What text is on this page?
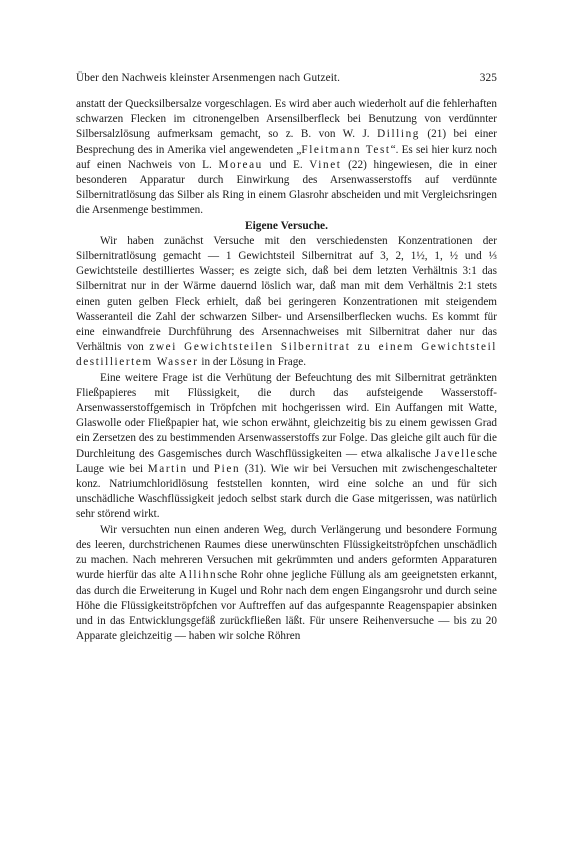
Über den Nachweis kleinster Arsenmengen nach Gutzeit.	325

anstatt der Quecksilbersalze vorgeschlagen. Es wird aber auch wiederholt auf die fehlerhaften schwarzen Flecken im citronengelben Arsensilberfleck bei Benutzung von verdünnter Silbersalzlösung aufmerksam gemacht, so z. B. von W. J. Dilling (21) bei einer Besprechung des in Amerika viel angewendeten „Fleitmann Test“. Es sei hier kurz noch auf einen Nachweis von L. Moreau und E. Vinet (22) hingewiesen, die in einer besonderen Apparatur durch Einwirkung des Arsenwasserstoffs auf verdünnte Silbernitratlösung das Silber als Ring in einem Glasrohr abscheiden und mit Vergleichsringen die Arsenmenge bestimmen.

Eigene Versuche.

Wir haben zunächst Versuche mit den verschiedensten Konzentrationen der Silbernitratlösung gemacht — 1 Gewichtsteil Silbernitrat auf 3, 2, 1½, 1, ½ und ⅓ Gewichtsteile destilliertes Wasser; es zeigte sich, daß bei dem letzten Verhältnis 3:1 das Silbernitrat nur in der Wärme dauernd löslich war, daß man mit dem Verhältnis 2:1 stets einen guten gelben Fleck erhielt, daß bei geringeren Konzentrationen mit steigendem Wasseranteil die Zahl der schwarzen Silber- und Arsensilberflecken wuchs. Es kommt für eine einwandfreie Durchführung des Arsennachweises mit Silbernitrat daher nur das Verhältnis von zwei Gewichtsteilen Silbernitrat zu einem Gewichtsteil destilliertem Wasser in der Lösung in Frage.

Eine weitere Frage ist die Verhütung der Befeuchtung des mit Silbernitrat getränkten Fließpapieres mit Flüssigkeit, die durch das aufsteigende Wasserstoff-Arsenwasserstoffgemisch in Tröpfchen mit hochgerissen wird. Ein Auffangen mit Watte, Glaswolle oder Fließpapier hat, wie schon erwähnt, gleichzeitig bis zu einem gewissen Grad ein Zersetzen des zu bestimmenden Arsenwasserstoffs zur Folge. Das gleiche gilt auch für die Durchleitung des Gasgemisches durch Waschflüssigkeiten — etwa alkalische Javellesche Lauge wie bei Martin und Pien (31). Wie wir bei Versuchen mit zwischengeschalteter konz. Natriumchloridlösung feststellen konnten, wird eine solche an und für sich unschädliche Waschflüssigkeit jedoch selbst stark durch die Gase mitgerissen, was natürlich sehr störend wirkt.

Wir versuchten nun einen anderen Weg, durch Verlängerung und besondere Formung des leeren, durchstrichenen Raumes diese unerwünschten Flüssigkeitströpfchen unschädlich zu machen. Nach mehreren Versuchen mit gekrümmten und anders geformten Apparaturen wurde hierfür das alte Allihnsche Rohr ohne jegliche Füllung als am geeignetsten erkannt, das durch die Erweiterung in Kugel und Rohr nach dem engen Eingangsrohr und durch seine Höhe die Flüssigkeitströpfchen vor Auftreffen auf das aufgespannte Reagenspapier absinken und in das Entwicklungsgefäß zurückfließen läßt. Für unsere Reihenversuche — bis zu 20 Apparate gleichzeitig — haben wir solche Röhren
